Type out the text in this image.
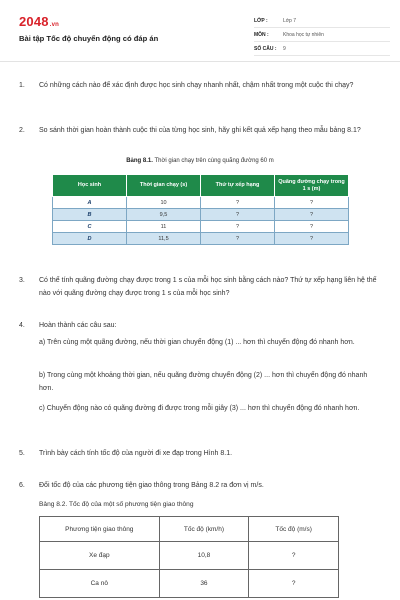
2048.vn
Bài tập Tốc độ chuyển động có đáp án
LỚP :	Lớp 7
MÔN :	Khoa học tự nhiên
SỐ CÂU :	9
1. Có những cách nào để xác định được học sinh chạy nhanh nhất, chậm nhất trong một cuộc thi chạy?
2. So sánh thời gian hoàn thành cuộc thi của từng học sinh, hãy ghi kết quả xếp hạng theo mẫu bảng 8.1?
Bảng 8.1. Thời gian chạy trên cùng quãng đường 60 m
Học sinh	Thời gian chạy (s)	Thứ tự xếp hạng	Quãng đường chạy trong 1 s (m)
A	10	?	?
B	9,5	?	?
C	11	?	?
D	11,5	?	?
3. Có thể tính quãng đường chạy được trong 1 s của mỗi học sinh bằng cách nào? Thứ tự xếp hạng liên hệ thế nào với quãng đường chạy được trong 1 s của mỗi học sinh?
4. Hoàn thành các câu sau:
a) Trên cùng một quãng đường, nếu thời gian chuyển động (1) ... hơn thì chuyển động đó nhanh hơn.
b) Trong cùng một khoảng thời gian, nếu quãng đường chuyển động (2) ... hơn thì chuyển động đó nhanh hơn.
c) Chuyển động nào có quãng đường đi được trong mỗi giây (3) ... hơn thì chuyển động đó nhanh hơn.
5. Trình bày cách tính tốc độ của người đi xe đạp trong Hình 8.1.
6. Đổi tốc độ của các phương tiện giao thông trong Bảng 8.2 ra đơn vị m/s.
Bảng 8.2. Tốc độ của một số phương tiện giao thông
Phương tiện giao thông	Tốc độ (km/h)	Tốc độ (m/s)
Xe đạp	10,8	?
Ca nô	36	?
